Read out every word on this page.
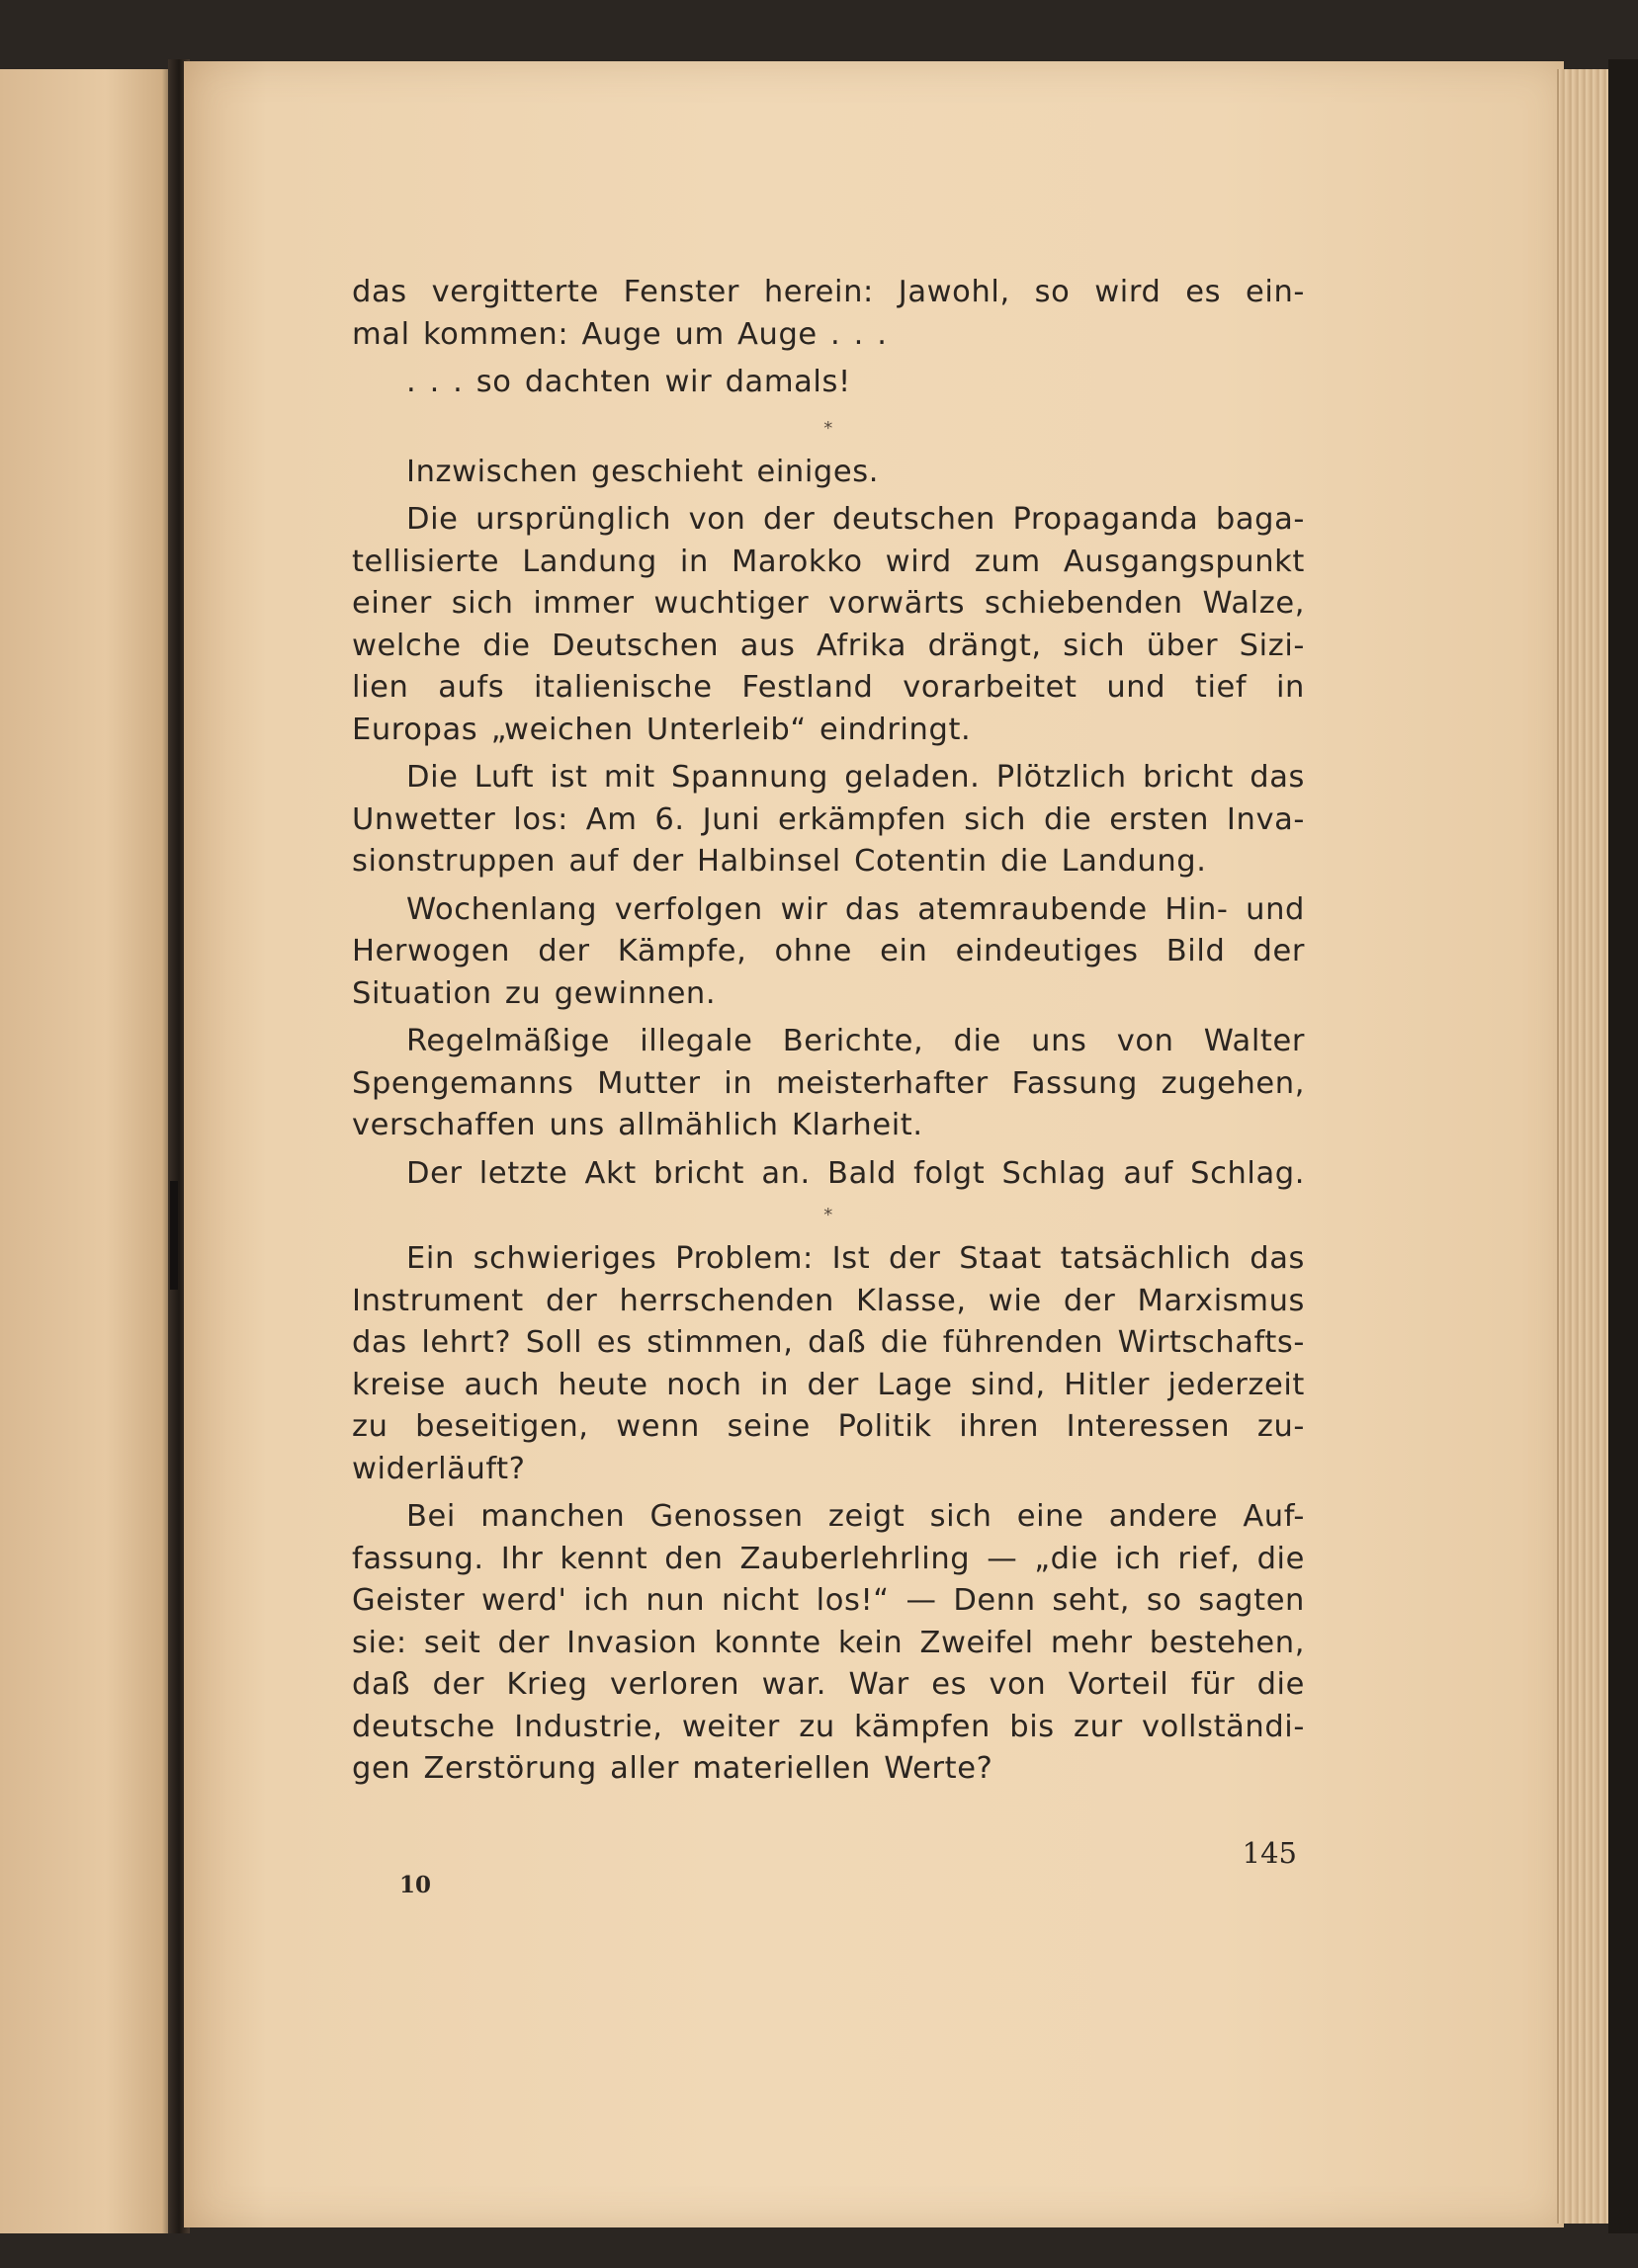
das vergitterte Fenster herein: Jawohl, so wird es ein-
mal kommen: Auge um Auge . . .
. . . so dachten wir damals!
*
Inzwischen geschieht einiges.
Die ursprünglich von der deutschen Propaganda baga-
tellisierte Landung in Marokko wird zum Ausgangspunkt
einer sich immer wuchtiger vorwärts schiebenden Walze,
welche die Deutschen aus Afrika drängt, sich über Sizi-
lien aufs italienische Festland vorarbeitet und tief in
Europas „weichen Unterleib“ eindringt.
Die Luft ist mit Spannung geladen. Plötzlich bricht das
Unwetter los: Am 6. Juni erkämpfen sich die ersten Inva-
sionstruppen auf der Halbinsel Cotentin die Landung.
Wochenlang verfolgen wir das atemraubende Hin- und
Herwogen der Kämpfe, ohne ein eindeutiges Bild der
Situation zu gewinnen.
Regelmäßige illegale Berichte, die uns von Walter
Spengemanns Mutter in meisterhafter Fassung zugehen,
verschaffen uns allmählich Klarheit.
Der letzte Akt bricht an. Bald folgt Schlag auf Schlag.
*
Ein schwieriges Problem: Ist der Staat tatsächlich das
Instrument der herrschenden Klasse, wie der Marxismus
das lehrt? Soll es stimmen, daß die führenden Wirtschafts-
kreise auch heute noch in der Lage sind, Hitler jederzeit
zu beseitigen, wenn seine Politik ihren Interessen zu-
widerläuft?
Bei manchen Genossen zeigt sich eine andere Auf-
fassung. Ihr kennt den Zauberlehrling — „die ich rief, die
Geister werd' ich nun nicht los!“ — Denn seht, so sagten
sie: seit der Invasion konnte kein Zweifel mehr bestehen,
daß der Krieg verloren war. War es von Vorteil für die
deutsche Industrie, weiter zu kämpfen bis zur vollständi-
gen Zerstörung aller materiellen Werte?
145
10
